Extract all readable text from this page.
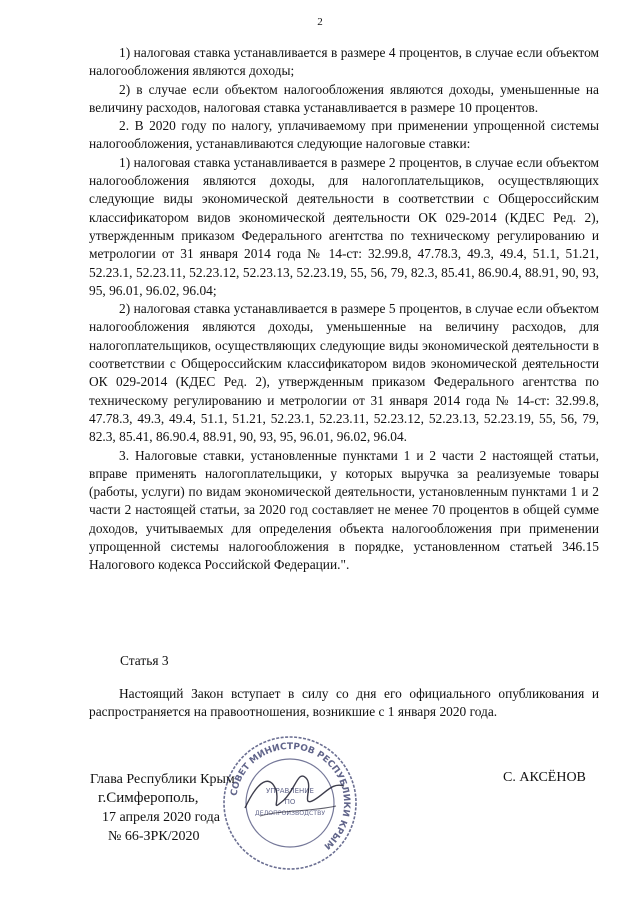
2

1) налоговая ставка устанавливается в размере 4 процентов, в случае если объектом налогообложения являются доходы;

2) в случае если объектом налогообложения являются доходы, уменьшенные на величину расходов, налоговая ставка устанавливается в размере 10 процентов.

2. В 2020 году по налогу, уплачиваемому при применении упрощенной системы налогообложения, устанавливаются следующие налоговые ставки:

1) налоговая ставка устанавливается в размере 2 процентов, в случае если объектом налогообложения являются доходы, для налогоплательщиков, осуществляющих следующие виды экономической деятельности в соответствии с Общероссийским классификатором видов экономической деятельности ОК 029-2014 (КДЕС Ред. 2), утвержденным приказом Федерального агентства по техническому регулированию и метрологии от 31 января 2014 года № 14-ст: 32.99.8, 47.78.3, 49.3, 49.4, 51.1, 51.21, 52.23.1, 52.23.11, 52.23.12, 52.23.13, 52.23.19, 55, 56, 79, 82.3, 85.41, 86.90.4, 88.91, 90, 93, 95, 96.01, 96.02, 96.04;

2) налоговая ставка устанавливается в размере 5 процентов, в случае если объектом налогообложения являются доходы, уменьшенные на величину расходов, для налогоплательщиков, осуществляющих следующие виды экономической деятельности в соответствии с Общероссийским классификатором видов экономической деятельности ОК 029-2014 (КДЕС Ред. 2), утвержденным приказом Федерального агентства по техническому регулированию и метрологии от 31 января 2014 года № 14-ст: 32.99.8, 47.78.3, 49.3, 49.4, 51.1, 51.21, 52.23.1, 52.23.11, 52.23.12, 52.23.13, 52.23.19, 55, 56, 79, 82.3, 85.41, 86.90.4, 88.91, 90, 93, 95, 96.01, 96.02, 96.04.

3. Налоговые ставки, установленные пунктами 1 и 2 части 2 настоящей статьи, вправе применять налогоплательщики, у которых выручка за реализуемые товары (работы, услуги) по видам экономической деятельности, установленным пунктами 1 и 2 части 2 настоящей статьи, за 2020 год составляет не менее 70 процентов в общей сумме доходов, учитываемых для определения объекта налогообложения при применении упрощенной системы налогообложения в порядке, установленном статьей 346.15 Налогового кодекса Российской Федерации.".

Статья 3

Настоящий Закон вступает в силу со дня его официального опубликования и распространяется на правоотношения, возникшие с 1 января 2020 года.

Глава Республики Крым
г.Симферополь,
17 апреля 2020 года
№ 66-ЗРК/2020
С. АКСЁНОВ
СОВЕТ МИНИСТРОВ РЕСПУБЛИКИ КРЫМ
УПРАВЛЕНИЕ
ПО
ДЕЛОПРОИЗВОДСТВУ
